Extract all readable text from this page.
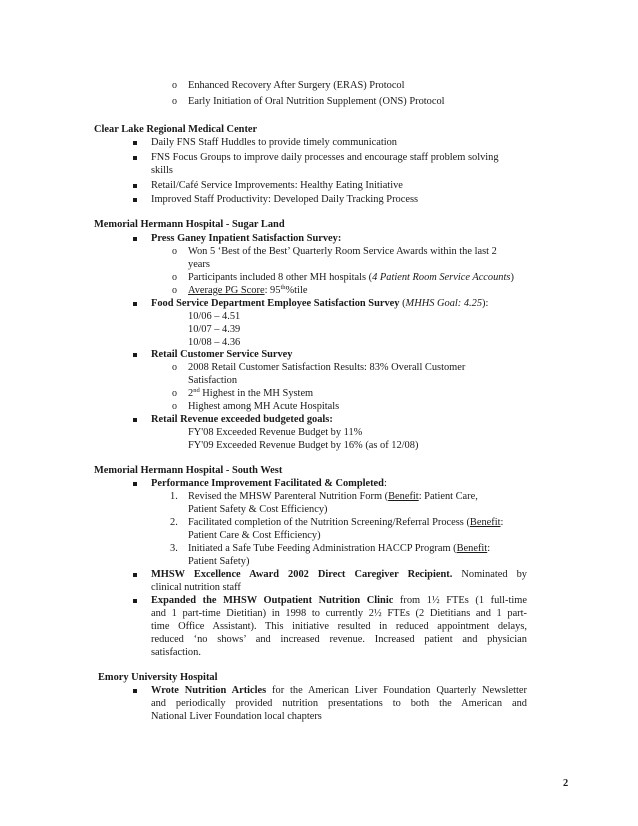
o Enhanced Recovery After Surgery (ERAS) Protocol
o Early Initiation of Oral Nutrition Supplement (ONS) Protocol
Clear Lake Regional Medical Center
Daily FNS Staff Huddles to provide timely communication
FNS Focus Groups to improve daily processes and encourage staff problem solving
skills
Retail/Café Service Improvements: Healthy Eating Initiative
Improved Staff Productivity: Developed Daily Tracking Process
Memorial Hermann Hospital - Sugar Land
Press Ganey Inpatient Satisfaction Survey:
o Won 5 ‘Best of the Best’ Quarterly Room Service Awards within the last 2
years
o Participants included 8 other MH hospitals (4 Patient Room Service Accounts)
o Average PG Score: 95th%tile
Food Service Department Employee Satisfaction Survey (MHHS Goal: 4.25):
10/06 – 4.51
10/07 – 4.39
10/08 – 4.36
Retail Customer Service Survey
o 2008 Retail Customer Satisfaction Results: 83% Overall Customer
Satisfaction
o 2nd Highest in the MH System
o Highest among MH Acute Hospitals
Retail Revenue exceeded budgeted goals:
FY'08 Exceeded Revenue Budget by 11%
FY'09 Exceeded Revenue Budget by 16% (as of 12/08)
Memorial Hermann Hospital - South West
Performance Improvement Facilitated & Completed:
1. Revised the MHSW Parenteral Nutrition Form (Benefit: Patient Care,
Patient Safety & Cost Efficiency)
2. Facilitated completion of the Nutrition Screening/Referral Process (Benefit:
Patient Care & Cost Efficiency)
3. Initiated a Safe Tube Feeding Administration HACCP Program (Benefit:
Patient Safety)
MHSW Excellence Award 2002 Direct Caregiver Recipient. Nominated by
clinical nutrition staff
Expanded the MHSW Outpatient Nutrition Clinic from 1½ FTEs (1 full-time
and 1 part-time Dietitian) in 1998 to currently 2½ FTEs (2 Dietitians and 1 part-
time Office Assistant). This initiative resulted in reduced appointment delays,
reduced ‘no shows’ and increased revenue. Increased patient and physician
satisfaction.
Emory University Hospital
Wrote Nutrition Articles for the American Liver Foundation Quarterly Newsletter
and periodically provided nutrition presentations to both the American and
National Liver Foundation local chapters
2
